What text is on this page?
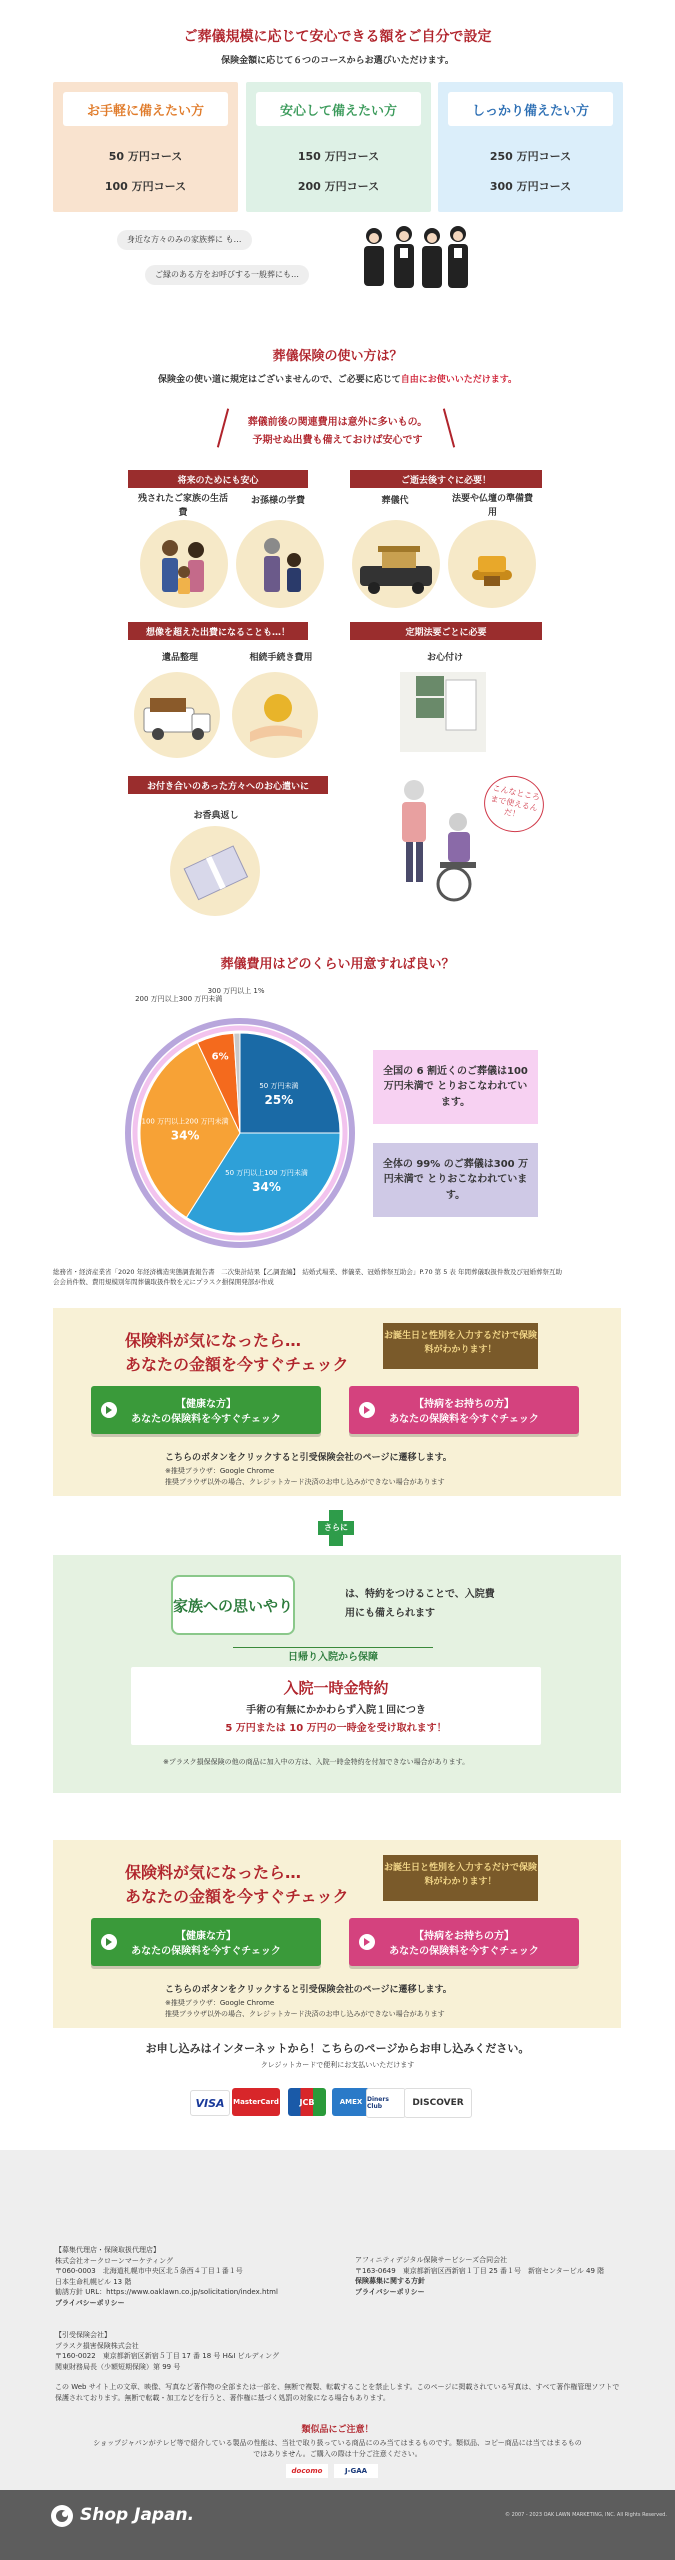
ご葬儀規模に応じて安心できる額をご自分で設定
保険金額に応じて６つのコースからお選びいただけます。
お手軽に備えたい方
50 万円コース
100 万円コース
安心して備えたい方
150 万円コース
200 万円コース
しっかり備えたい方
250 万円コース
300 万円コース
身近な方々のみの家族葬に も…
ご縁のある方をお呼びする一般葬にも…
葬儀保険の使い方は？
保険金の使い道に規定はございませんので、ご必要に応じて自由にお使いいただけます。
葬儀前後の関連費用は意外に多いもの。
予期せぬ出費も備えておけば安心です
将来のためにも安心	ご逝去後すぐに必要！
残されたご家族の生活費
お孫様の学費	葬儀代	法要や仏壇の準備費用
想像を超えた出費になることも…！	定期法要ごとに必要
遺品整理	相続手続き費用	お心付け
お付き合いのあった方々へのお心遣いに
お香典返し
こんなところまで使えるんだ！
葬儀費用はどのくらい用意すれば良い？
50 万円未満
25%
50 万円以上100 万円未満
34%
100 万円以上200 万円未満
34%
6%
200 万円以上300 万円未満
300 万円以上 1%
全国の 6 割近くのご葬儀は100 万円未満で とりおこなわれています。
全体の 99% のご葬儀は300 万円未満で とりおこなわれています。
総務省・経済産業省「2020 年経済構造実態調査報告書　二次集計結果【乙調査編】　結婚式場業、葬儀業、冠婚葬祭互助会」P.70 第 5 表 年間葬儀取扱件数及び冠婚葬祭互助会会員件数、費用規模別年間葬儀取扱件数を元にプラスク損保開発部が作成
保険料が気になったら…
あなたの金額を今すぐチェック
お誕生日と性別を入力するだけで保険料がわかります！
【健康な方】
あなたの保険料を今すぐチェック
【持病をお持ちの方】
あなたの保険料を今すぐチェック
こちらのボタンをクリックすると引受保険会社のページに遷移します。
※推奨ブラウザ：Google Chrome
推奨ブラウザ以外の場合、クレジットカード決済のお申し込みができない場合があります
さらに
家族への思いやり
は、特約をつけることで、入院費用にも備えられます
日帰り入院から保障
入院一時金特約
手術の有無にかかわらず入院１回につき
5 万円または 10 万円の一時金を受け取れます！
※プラスク損保保険の他の商品に加入中の方は、入院一時金特約を付加できない場合があります。
保険料が気になったら…
あなたの金額を今すぐチェック
お誕生日と性別を入力するだけで保険料がわかります！
【健康な方】
あなたの保険料を今すぐチェック
【持病をお持ちの方】
あなたの保険料を今すぐチェック
こちらのボタンをクリックすると引受保険会社のページに遷移します。
※推奨ブラウザ：Google Chrome
推奨ブラウザ以外の場合、クレジットカード決済のお申し込みができない場合があります
お申し込みはインターネットから！こちらのページからお申し込みください。
クレジットカードで便利にお支払いいただけます
VISA	MasterCard	JCB	AMEX Diners Club	DISCOVER
【募集代理店・保険取扱代理店】
株式会社オークローンマーケティング
〒060-0003　北海道札幌市中央区北５条西４丁目１番１号
日本生命札幌ビル 13 階
勧誘方針 URL：https://www.oaklawn.co.jp/solicitation/index.html
プライバシーポリシー
アフィニティデジタル保険サービシーズ合同会社
〒163-0649　東京都新宿区西新宿１丁目 25 番１号　新宿センタービル 49 階
保険募集に関する方針
プライバシーポリシー
【引受保険会社】
プラスク損害保険株式会社
〒160-0022　東京都新宿区新宿５丁目 17 番 18 号 H&I ビルディング
関東財務局長（少額短期保険）第 99 号
この Web サイト上の文章、映像、写真など著作物の全部または一部を、無断で複製、転載することを禁止します。このページに掲載されている写真は、すべて著作権管理ソフトで保護されております。無断で転載・加工などを行うと、著作権に基づく処罰の対象になる場合もあります。
類似品にご注意！
ショップジャパンがテレビ等で紹介している製品の性能は、当社で取り扱っている商品にのみ当てはまるものです。類似品、コピー商品には当てはまるものではありません。ご購入の際は十分ご注意ください。
docomo	J-GAA
Shop Japan.	© 2007 - 2023 OAK LAWN MARKETING, INC. All Rights Reserved.
